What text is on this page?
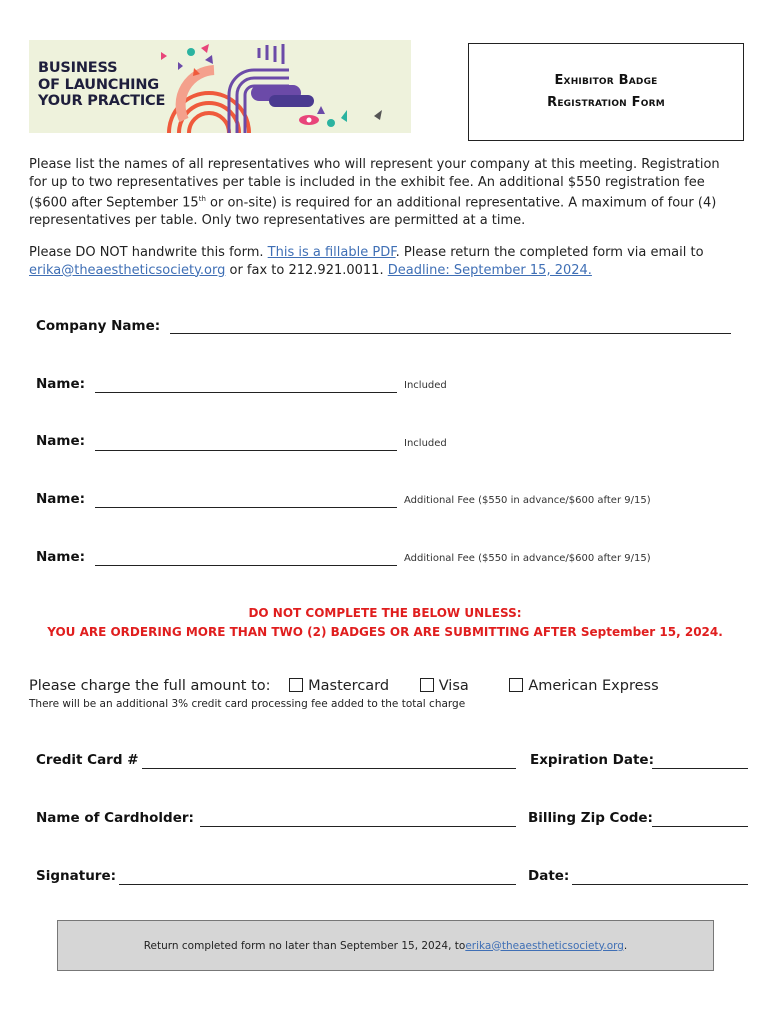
BUSINESS
OF LAUNCHING
YOUR PRACTICE
Exhibitor Badge
Registration Form

Please list the names of all representatives who will represent your company at this meeting. Registration for up to two representatives per table is included in the exhibit fee. An additional $550 registration fee ($600 after September 15th or on-site) is required for an additional representative. A maximum of four (4) representatives per table. Only two representatives are permitted at a time.

Please DO NOT handwrite this form. This is a fillable PDF. Please return the completed form via email to erika@theaestheticsociety.org or fax to 212.921.0011. Deadline: September 15, 2024.

Company Name:
Name:	Included
Name:	Included
Name:	Additional Fee ($550 in advance/$600 after 9/15)
Name:	Additional Fee ($550 in advance/$600 after 9/15)
DO NOT COMPLETE THE BELOW UNLESS:
YOU ARE ORDERING MORE THAN TWO (2) BADGES OR ARE SUBMITTING AFTER September 15, 2024.
Please charge the full amount to:	Mastercard	Visa	American Express
There will be an additional 3% credit card processing fee added to the total charge
Credit Card #	Expiration Date:
Name of Cardholder:	Billing Zip Code:
Signature:	Date:
Return completed form no later than September 15, 2024, to erika@theaestheticsociety.org .
